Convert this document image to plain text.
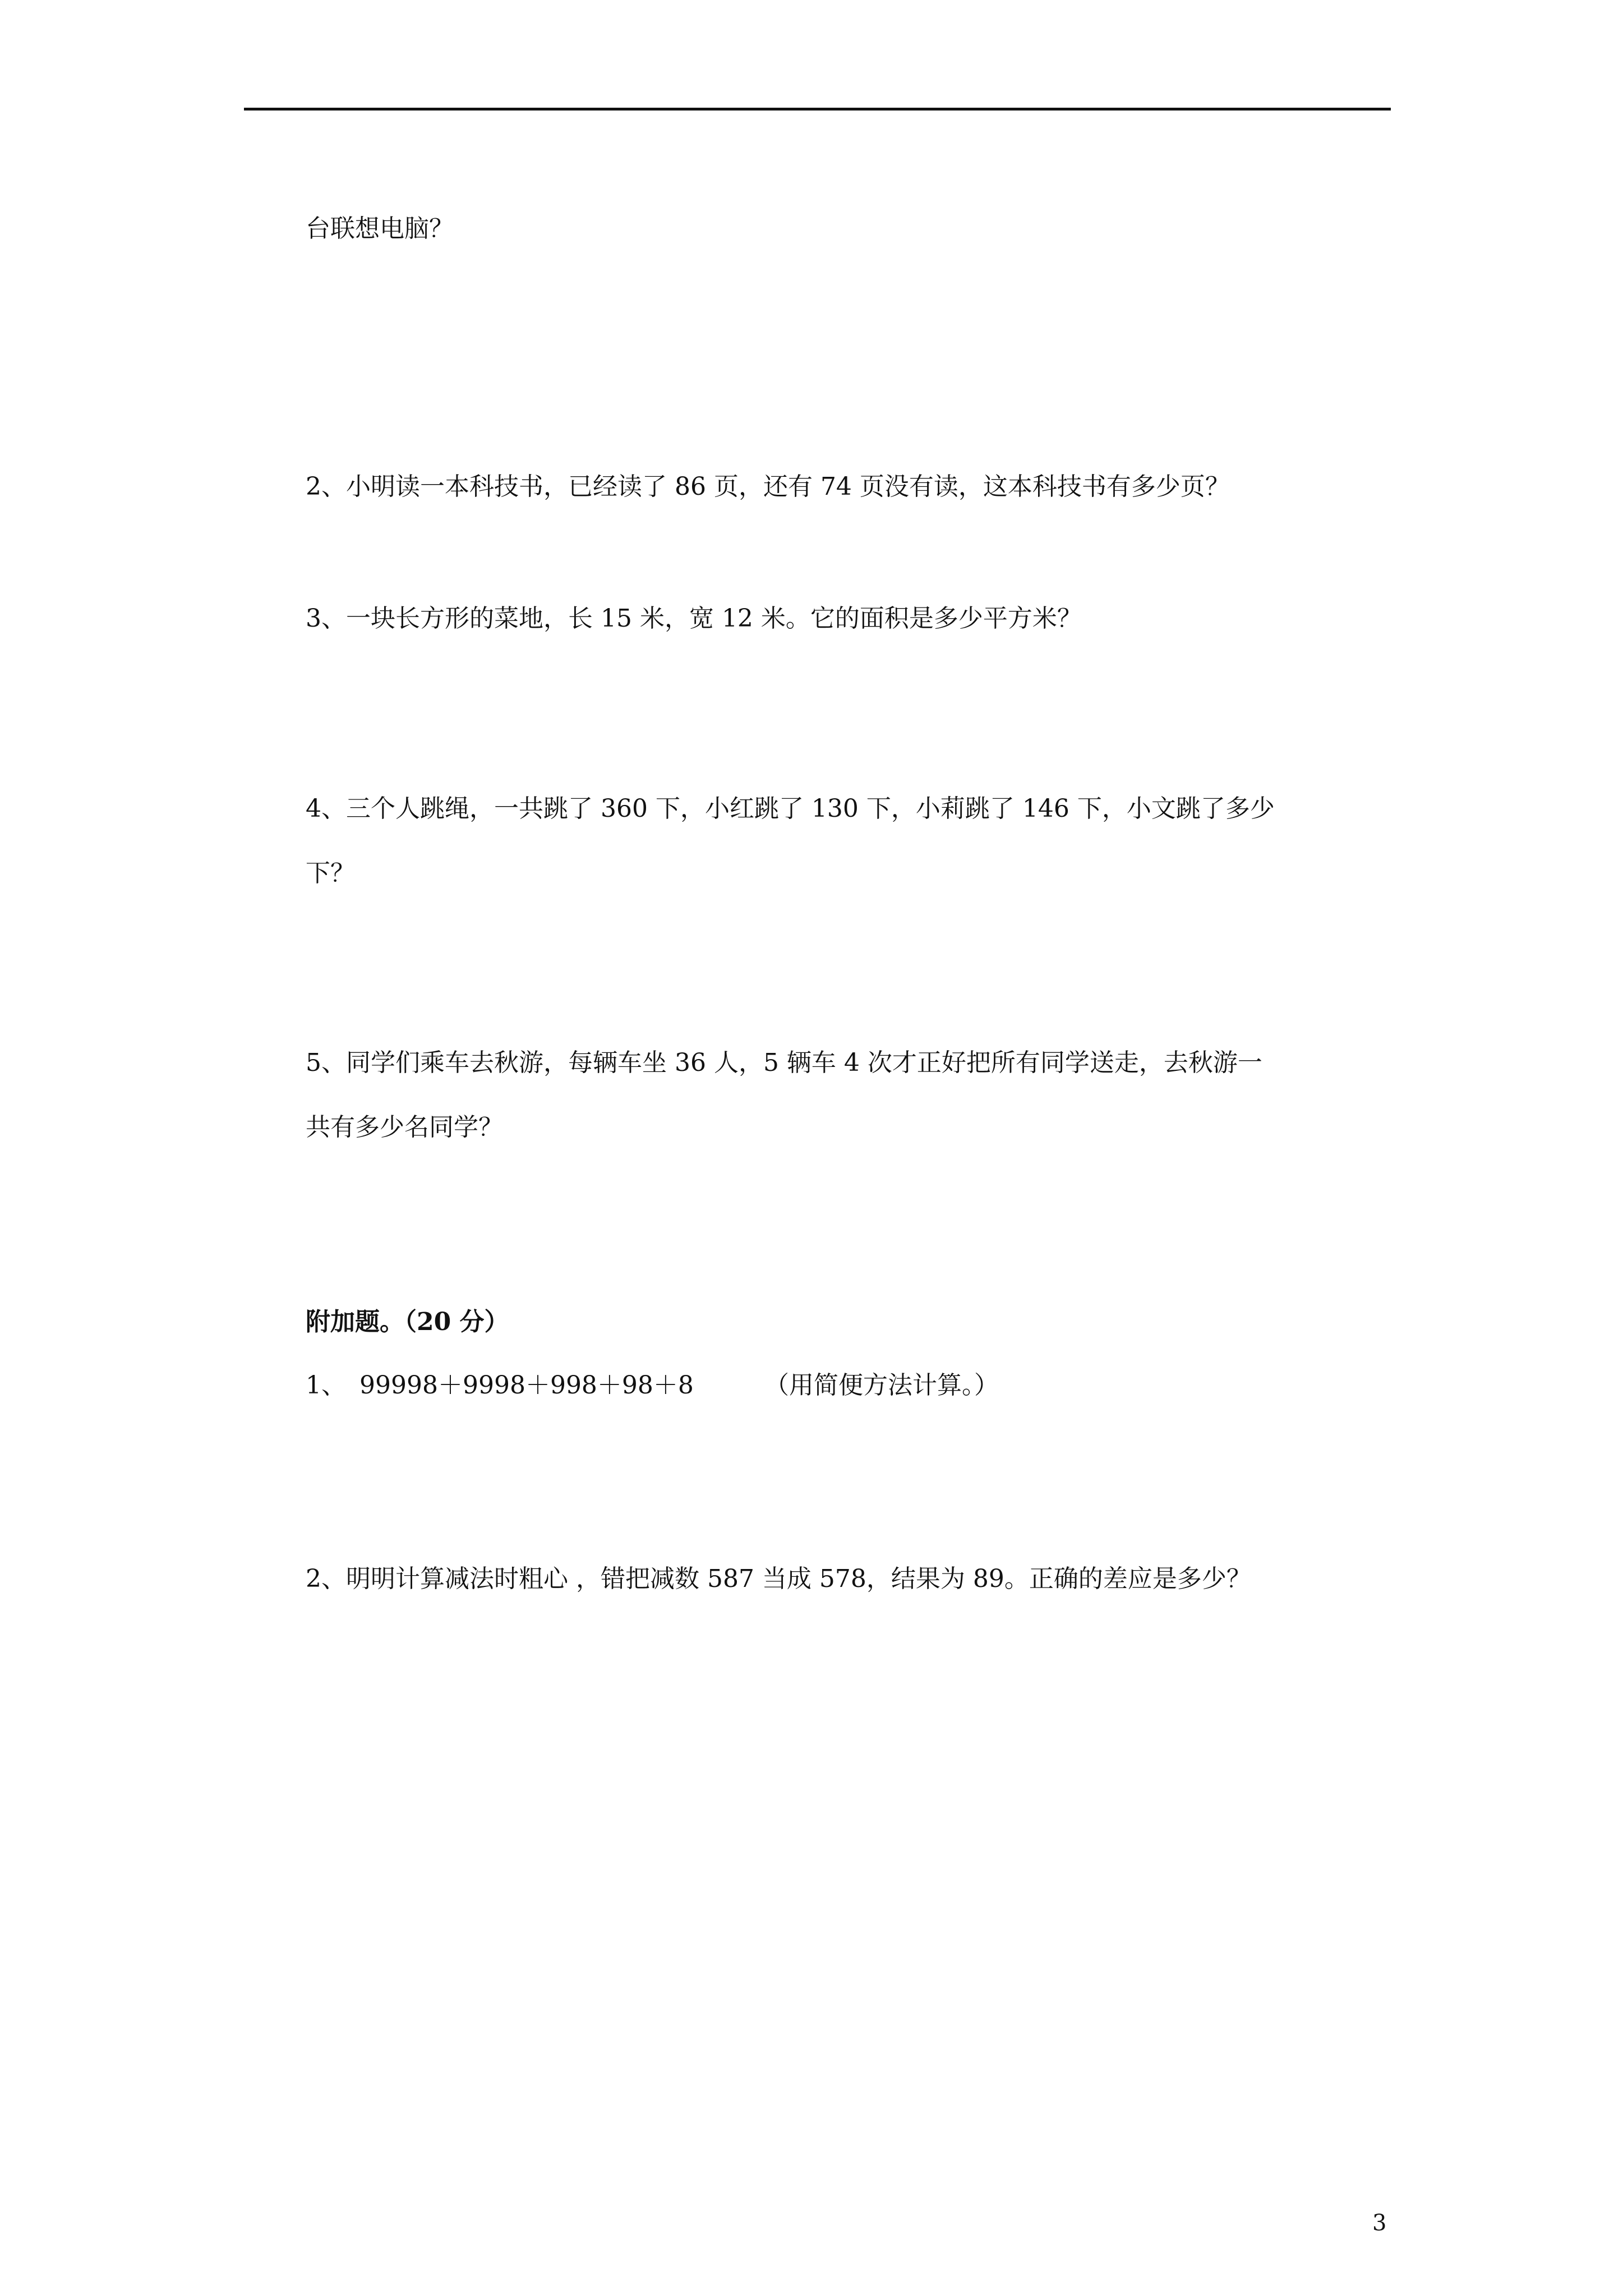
台联想电脑？
2、小明读一本科技书，已经读了 86 页，还有 74 页没有读，这本科技书有多少页？
3、一块长方形的菜地，长 15 米，宽 12 米。它的面积是多少平方米？
4、三个人跳绳，一共跳了 360 下，小红跳了 130 下，小莉跳了 146 下，小文跳了多少
下？
5、同学们乘车去秋游，每辆车坐 36 人，5 辆车 4 次才正好把所有同学送走，去秋游一
共有多少名同学？
附加题。（20 分）
1、 99998＋9998＋998＋98＋8	（用简便方法计算。）
2、明明计算减法时粗心 ，错把减数 587 当成 578，结果为 89。正确的差应是多少？
3
